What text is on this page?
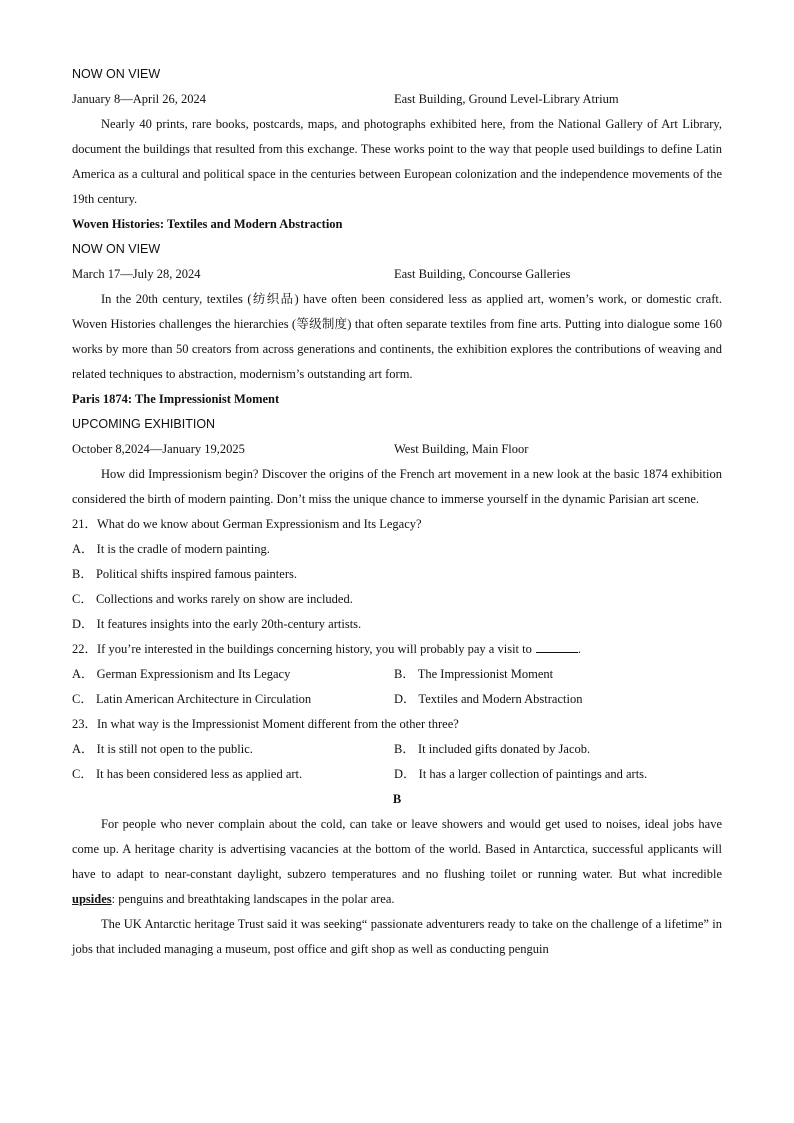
NOW ON VIEW
January 8—April 26, 2024	East Building, Ground Level-Library Atrium

Nearly 40 prints, rare books, postcards, maps, and photographs exhibited here, from the National Gallery of Art Library, document the buildings that resulted from this exchange. These works point to the way that people used buildings to define Latin America as a cultural and political space in the centuries between European colonization and the independence movements of the 19th century.

Woven Histories: Textiles and Modern Abstraction
NOW ON VIEW
March 17—July 28, 2024	East Building, Concourse Galleries

In the 20th century, textiles (纺织品) have often been considered less as applied art, women’s work, or domestic craft. Woven Histories challenges the hierarchies (等级制度) that often separate textiles from fine arts. Putting into dialogue some 160 works by more than 50 creators from across generations and continents, the exhibition explores the contributions of weaving and related techniques to abstraction, modernism’s outstanding art form.

Paris 1874: The Impressionist Moment
UPCOMING EXHIBITION
October 8,2024—January 19,2025	West Building, Main Floor

How did Impressionism begin? Discover the origins of the French art movement in a new look at the basic 1874 exhibition considered the birth of modern painting. Don’t miss the unique chance to immerse yourself in the dynamic Parisian art scene.

21．What do we know about German Expressionism and Its Legacy?
A． It is the cradle of modern painting.
B． Political shifts inspired famous painters.
C． Collections and works rarely on show are included.
D． It features insights into the early 20th-century artists.
22．If you’re interested in the buildings concerning history, you will probably pay a visit to	.
A． German Expressionism and Its Legacy	B． The Impressionist Moment
C． Latin American Architecture in Circulation	D． Textiles and Modern Abstraction
23．In what way is the Impressionist Moment different from the other three?
A． It is still not open to the public.	B． It included gifts donated by Jacob.
C． It has been considered less as applied art.	D． It has a larger collection of paintings and arts.
B

For people who never complain about the cold, can take or leave showers and would get used to noises, ideal jobs have come up. A heritage charity is advertising vacancies at the bottom of the world. Based in Antarctica, successful applicants will have to adapt to near-constant daylight, subzero temperatures and no flushing toilet or running water. But what incredible upsides: penguins and breathtaking landscapes in the polar area.

The UK Antarctic heritage Trust said it was seeking“ passionate adventurers ready to take on the challenge of a lifetime” in jobs that included managing a museum, post office and gift shop as well as conducting penguin
